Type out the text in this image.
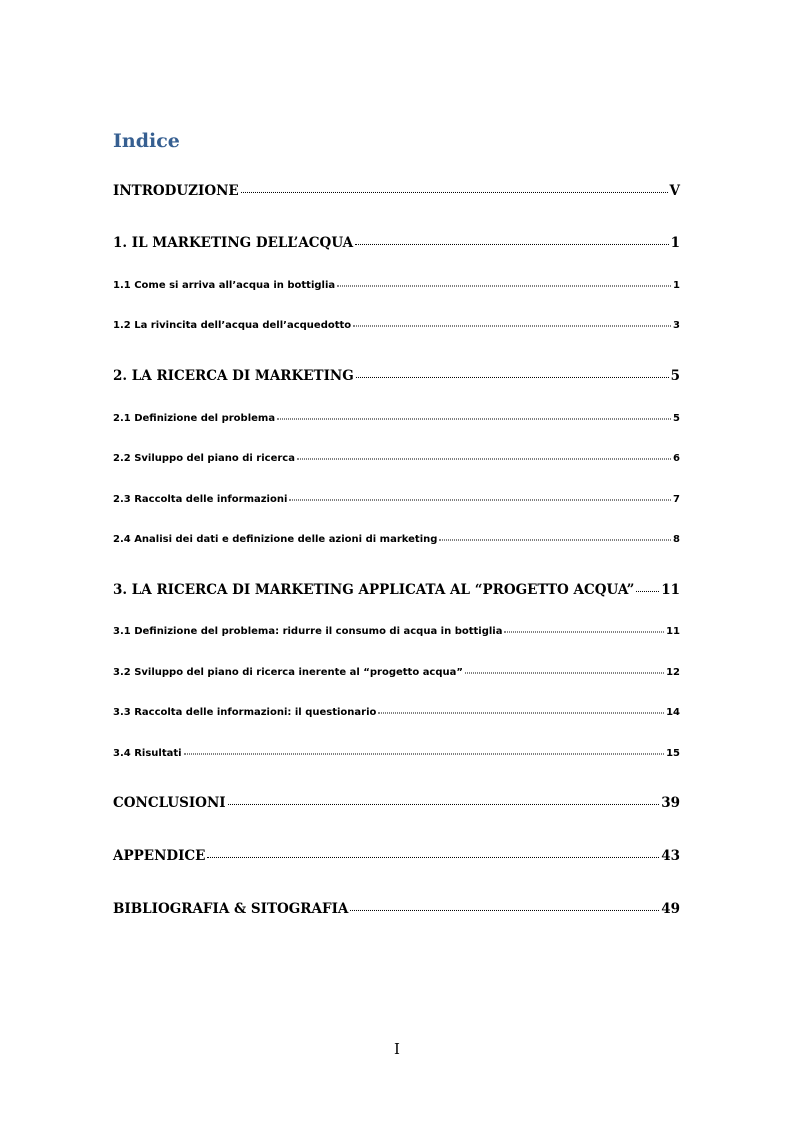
Indice
INTRODUZIONE	V
1. IL MARKETING DELL’ACQUA	1
1.1 Come si arriva all’acqua in bottiglia	1
1.2 La rivincita dell’acqua dell’acquedotto	3
2. LA RICERCA DI MARKETING	5
2.1 Definizione del problema	5
2.2 Sviluppo del piano di ricerca	6
2.3 Raccolta delle informazioni	7
2.4 Analisi dei dati e definizione delle azioni di marketing	8
3. LA RICERCA DI MARKETING APPLICATA AL “PROGETTO ACQUA” 11
3.1 Definizione del problema: ridurre il consumo di acqua in bottiglia	11
3.2 Sviluppo del piano di ricerca inerente al “progetto acqua”	12
3.3 Raccolta delle informazioni: il questionario	14
3.4 Risultati	15
CONCLUSIONI	39
APPENDICE	43
BIBLIOGRAFIA & SITOGRAFIA	49
I
